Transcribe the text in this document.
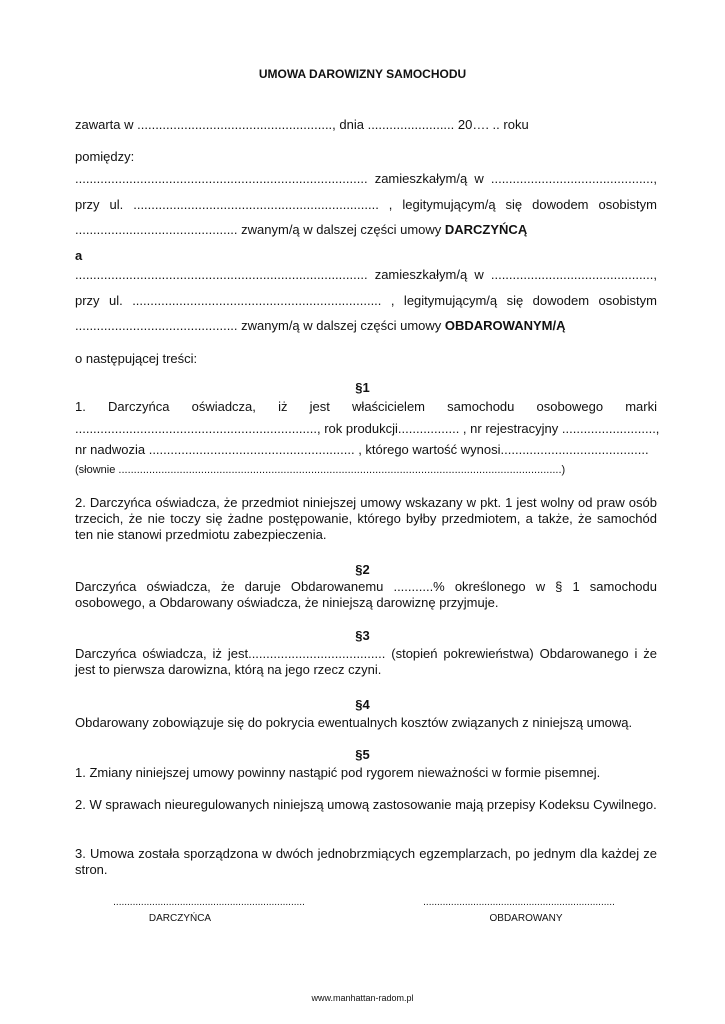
UMOWA DAROWIZNY SAMOCHODU
zawarta w ......................................................, dnia ........................ 20…. .. roku
pomiędzy:
................................................................................. zamieszkałym/ą w .............................................,
przy ul. .................................................................... , legitymującym/ą się dowodem osobistym
............................................. zwanym/ą w dalszej części umowy DARCZYŃCĄ
a
................................................................................. zamieszkałym/ą w .............................................,
przy ul. ..................................................................... , legitymującym/ą się dowodem osobistym
............................................. zwanym/ą w dalszej części umowy OBDAROWANYM/Ą
o następującej treści:
§1
1. Darczyńca oświadcza, iż jest właścicielem samochodu osobowego marki
..................................................................., rok produkcji................. , nr rejestracyjny ..........................,
nr nadwozia ......................................................... , którego wartość wynosi.........................................
(słownie .................................................................................................................................................)
2. Darczyńca oświadcza, że przedmiot niniejszej umowy wskazany w pkt. 1 jest wolny od praw osób trzecich, że nie toczy się żadne postępowanie, którego byłby przedmiotem, a także, że samochód ten nie stanowi przedmiotu zabezpieczenia.
§2
Darczyńca oświadcza, że daruje Obdarowanemu ...........% określonego w § 1 samochodu osobowego, a Obdarowany oświadcza, że niniejszą darowiznę przyjmuje.
§3
Darczyńca oświadcza, iż jest...................................... (stopień pokrewieństwa) Obdarowanego i że jest to pierwsza darowizna, którą na jego rzecz czyni.
§4
Obdarowany zobowiązuje się do pokrycia ewentualnych kosztów związanych z niniejszą umową.
§5
1. Zmiany niniejszej umowy powinny nastąpić pod rygorem nieważności w formie pisemnej.
2. W sprawach nieuregulowanych niniejszą umową zastosowanie mają przepisy Kodeksu Cywilnego.
3. Umowa została sporządzona w dwóch jednobrzmiących egzemplarzach, po jednym dla każdej ze stron.
.....................................................................	.....................................................................
DARCZYŃCA	OBDAROWANY
www.manhattan-radom.pl
